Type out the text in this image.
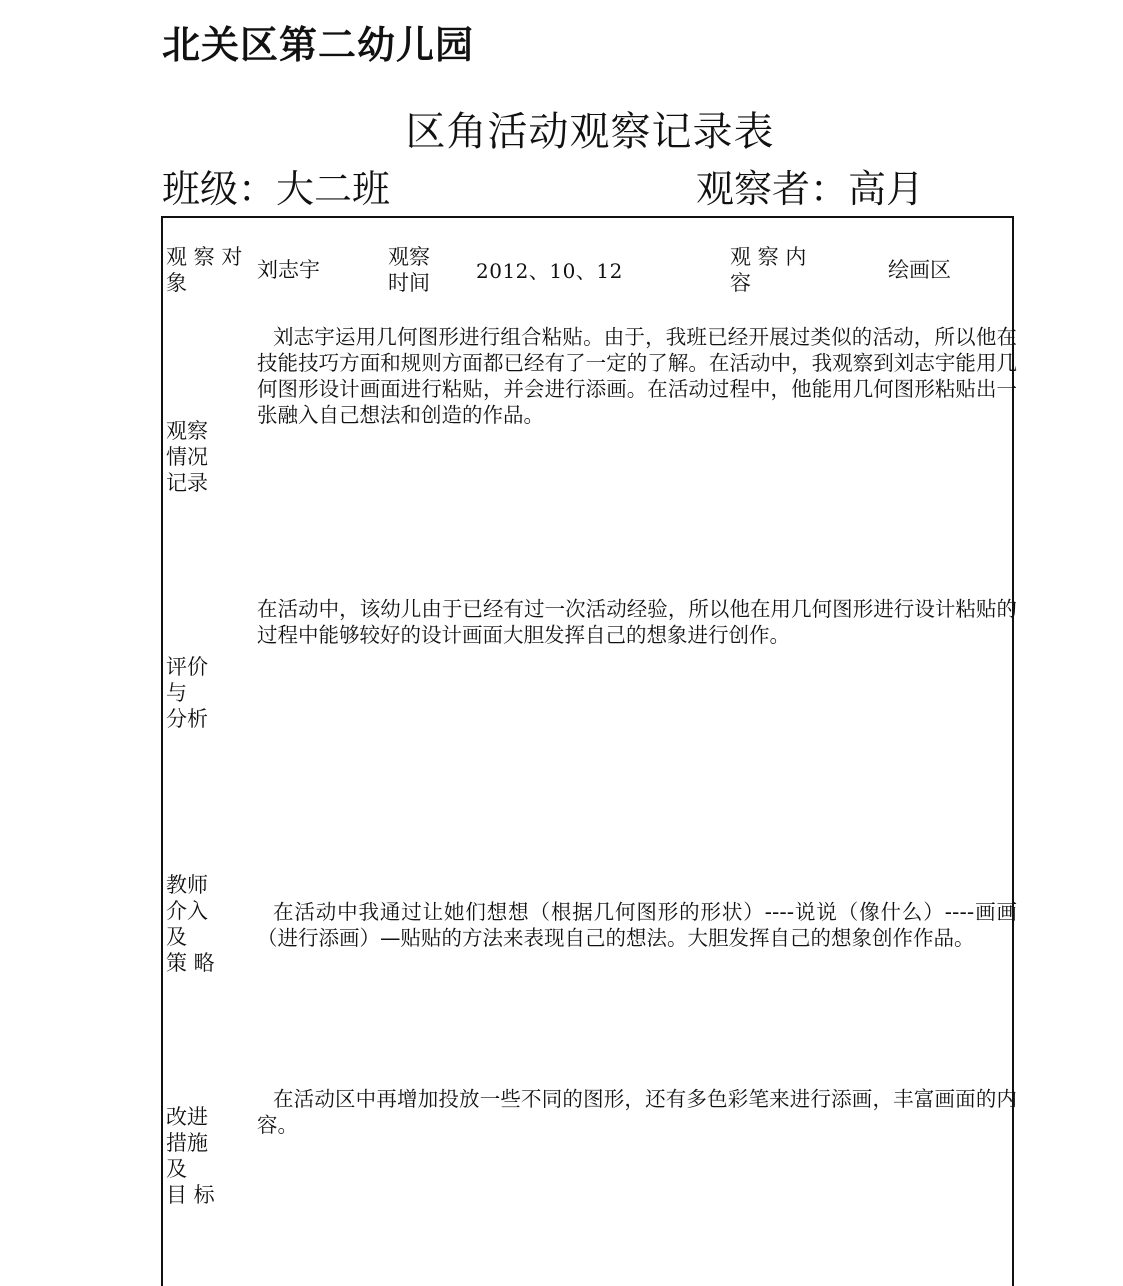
北关区第二幼儿园
区角活动观察记录表
班级：大二班	观察者：高月
观 察 对
象
刘志宇
观察
时间 2012、10、12
观 察 内
容
绘画区
观察
情况
记录
刘志宇运用几何图形进行组合粘贴。由于，我班已经开展过类似的活动，所以他在技能技巧方面和规则方面都已经有了一定的了解。在活动中，我观察到刘志宇能用几何图形设计画面进行粘贴，并会进行添画。在活动过程中，他能用几何图形粘贴出一张融入自己想法和创造的作品。
评价
与
分析
在活动中，该幼儿由于已经有过一次活动经验，所以他在用几何图形进行设计粘贴的过程中能够较好的设计画面大胆发挥自己的想象进行创作。
教师
介入
及
策 略
在活动中我通过让她们想想（根据几何图形的形状）----说说（像什么）----画画（进行添画）—贴贴的方法来表现自己的想法。大胆发挥自己的想象创作作品。
改进
措施
及
目 标
在活动区中再增加投放一些不同的图形，还有多色彩笔来进行添画，丰富画面的内容。
